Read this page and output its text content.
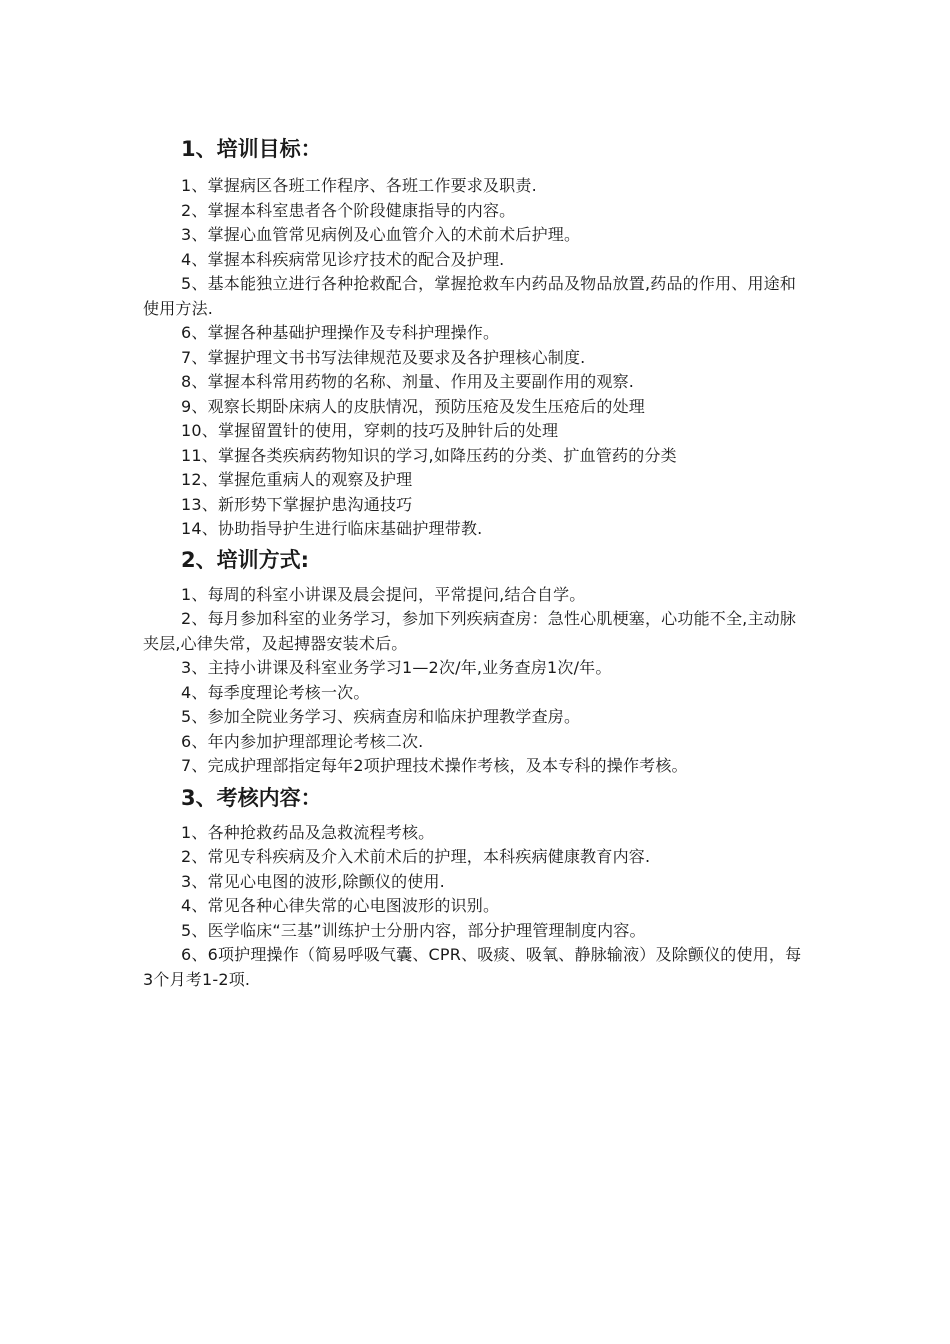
1、培训目标：

1、掌握病区各班工作程序、各班工作要求及职责.

2、掌握本科室患者各个阶段健康指导的内容。

3、掌握心血管常见病例及心血管介入的术前术后护理。

4、掌握本科疾病常见诊疗技术的配合及护理.

5、基本能独立进行各种抢救配合，掌握抢救车内药品及物品放置,药品的作用、用途和使用方法.

6、掌握各种基础护理操作及专科护理操作。

7、掌握护理文书书写法律规范及要求及各护理核心制度.

8、掌握本科常用药物的名称、剂量、作用及主要副作用的观察.

9、观察长期卧床病人的皮肤情况，预防压疮及发生压疮后的处理

10、掌握留置针的使用，穿刺的技巧及肿针后的处理

11、掌握各类疾病药物知识的学习,如降压药的分类、扩血管药的分类

12、掌握危重病人的观察及护理

13、新形势下掌握护患沟通技巧

14、协助指导护生进行临床基础护理带教.

2、培训方式:

1、每周的科室小讲课及晨会提问，平常提问,结合自学。

2、每月参加科室的业务学习，参加下列疾病查房：急性心肌梗塞，心功能不全,主动脉夹层,心律失常，及起搏器安装术后。

3、主持小讲课及科室业务学习1—2次/年,业务查房1次/年。

4、每季度理论考核一次。

5、参加全院业务学习、疾病查房和临床护理教学查房。

6、年内参加护理部理论考核二次.

7、完成护理部指定每年2项护理技术操作考核，及本专科的操作考核。

3、考核内容：

1、各种抢救药品及急救流程考核。

2、常见专科疾病及介入术前术后的护理，本科疾病健康教育内容.

3、常见心电图的波形,除颤仪的使用.

4、常见各种心律失常的心电图波形的识别。

5、医学临床“三基”训练护士分册内容，部分护理管理制度内容。

6、6项护理操作（简易呼吸气囊、CPR、吸痰、吸氧、静脉输液）及除颤仪的使用，每3个月考1-2项.
